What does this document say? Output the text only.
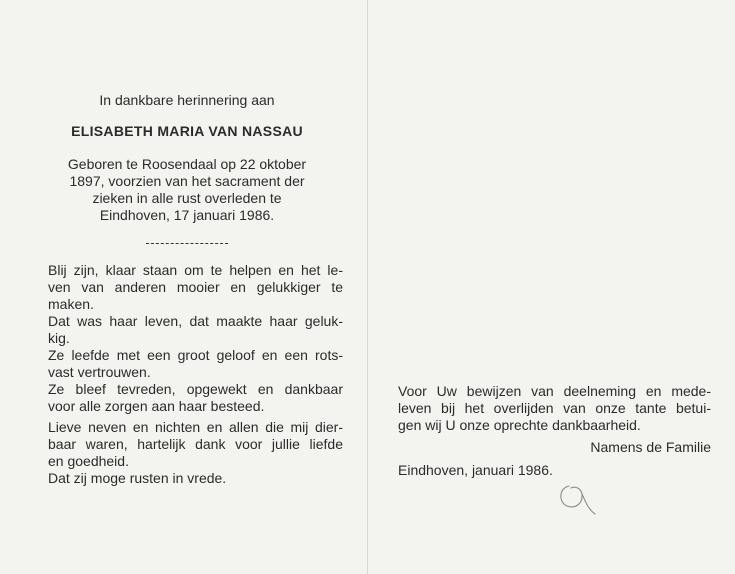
In dankbare herinnering aan
ELISABETH MARIA VAN NASSAU
Geboren te Roosendaal op 22 oktober
1897, voorzien van het sacrament der
zieken in alle rust overleden te
Eindhoven, 17 januari 1986.
Blij zijn, klaar staan om te helpen en het le-
ven van anderen mooier en gelukkiger te
maken.
Dat was haar leven, dat maakte haar geluk-
kig.
Ze leefde met een groot geloof en een rots-
vast vertrouwen.
Ze bleef tevreden, opgewekt en dankbaar
voor alle zorgen aan haar besteed.
Lieve neven en nichten en allen die mij dier-
baar waren, hartelijk dank voor jullie liefde
en goedheid.
Dat zij moge rusten in vrede.
Voor Uw bewijzen van deelneming en mede-
leven bij het overlijden van onze tante betui-
gen wij U onze oprechte dankbaarheid.
Namens de Familie
Eindhoven, januari 1986.
